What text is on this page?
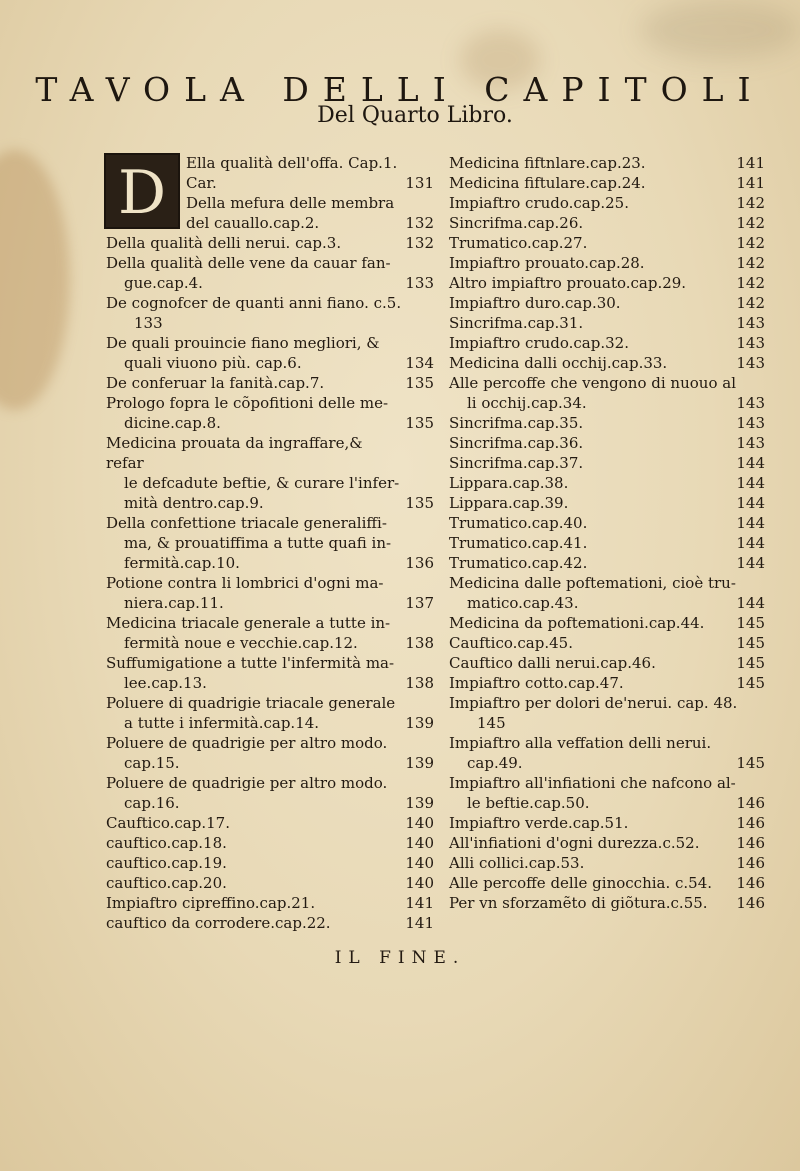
TAVOLA DELLI CAPITOLI
Del Quarto Libro.
D	Ella qualità dell'offa. Cap.1.
Car.	131
Della mefura delle membra
del cauallo.cap.2.	132
Della qualità delli nerui. cap.3.	132
Della qualità delle vene da cauar fan-
gue.cap.4.	133
De cognofcer de quanti anni fiano. c.5.
133
De quali prouincie fiano megliori, &
quali viuono più. cap.6.	134
De conferuar la fanità.cap.7.	135
Prologo fopra le cõpofitioni delle me-
dicine.cap.8.	135
Medicina prouata da ingraffare,& refar
le defcadute beftie, & curare l'infer-
mità dentro.cap.9.	135
Della confettione triacale generaliffi-
ma, & prouatiffima a tutte quafi in-
fermità.cap.10.	136
Potione contra li lombrici d'ogni ma-
niera.cap.11.	137
Medicina triacale generale a tutte in-
fermità noue e vecchie.cap.12.	138
Suffumigatione a tutte l'infermità ma-
lee.cap.13.	138
Poluere di quadrigie triacale generale
a tutte i infermità.cap.14.	139
Poluere de quadrigie per altro modo.
cap.15.	139
Poluere de quadrigie per altro modo.
cap.16.	139
Cauftico.cap.17.	140
cauftico.cap.18.	140
cauftico.cap.19.	140
cauftico.cap.20.	140
Impiaftro cipreffino.cap.21.	141
cauftico da corrodere.cap.22.	141
Medicina fiftnlare.cap.23.	141
Medicina fiftulare.cap.24.	141
Impiaftro crudo.cap.25.	142
Sincrifma.cap.26.	142
Trumatico.cap.27.	142
Impiaftro prouato.cap.28.	142
Altro impiaftro prouato.cap.29.	142
Impiaftro duro.cap.30.	142
Sincrifma.cap.31.	143
Impiaftro crudo.cap.32.	143
Medicina dalli occhij.cap.33.	143
Alle percoffe che vengono di nuouo al
li occhij.cap.34.	143
Sincrifma.cap.35.	143
Sincrifma.cap.36.	143
Sincrifma.cap.37.	144
Lippara.cap.38.	144
Lippara.cap.39.	144
Trumatico.cap.40.	144
Trumatico.cap.41.	144
Trumatico.cap.42.	144
Medicina dalle poftemationi, cioè tru-
matico.cap.43.	144
Medicina da poftemationi.cap.44. 145
Cauftico.cap.45.	145
Cauftico dalli nerui.cap.46.	145
Impiaftro cotto.cap.47.	145
Impiaftro per dolori de'nerui. cap. 48.
145
Impiaftro alla veffation delli nerui.
cap.49.	145
Impiaftro all'infiationi che nafcono al-
le beftie.cap.50.	146
Impiaftro verde.cap.51.	146
All'infiationi d'ogni durezza.c.52. 146
Alli collici.cap.53.	146
Alle percoffe delle ginocchia. c.54. 146
Per vn sforzamẽto di giõtura.c.55. 146
IL FINE.
